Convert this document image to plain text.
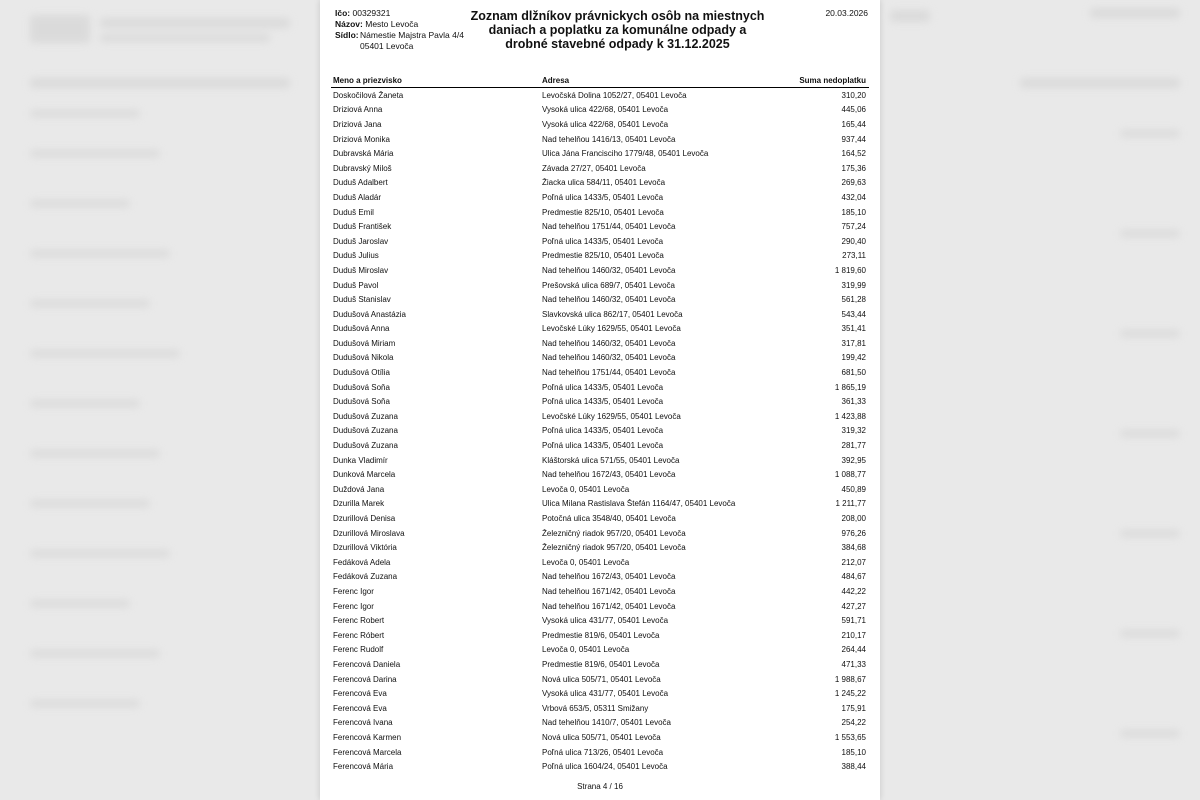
Ičo: 00329321
Názov: Mesto Levoča
Sídlo: Námestie Majstra Pavla 4/4
05401 Levoča
Zoznam dlžníkov právnickych osôb na miestnych daniach a poplatku za komunálne odpady a drobné stavebné odpady k 31.12.2025
20.03.2026
Meno a priezvisko	Adresa	Suma nedoplatku
Doskočilová Žaneta	Levočská Dolina 1052/27, 05401 Levoča	310,20
Driziová Anna	Vysoká ulica 422/68, 05401 Levoča	445,06
Driziová Jana	Vysoká ulica 422/68, 05401 Levoča	165,44
Driziová Monika	Nad tehelňou 1416/13, 05401 Levoča	937,44
Dubravská Mária	Ulica Jána Francisciho 1779/48, 05401 Levoča	164,52
Dubravský Miloš	Závada 27/27, 05401 Levoča	175,36
Duduš Adalbert	Žiacka ulica 584/11, 05401 Levoča	269,63
Duduš Aladár	Poľná ulica 1433/5, 05401 Levoča	432,04
Duduš Emil	Predmestie 825/10, 05401 Levoča	185,10
Duduš František	Nad tehelňou 1751/44, 05401 Levoča	757,24
Duduš Jaroslav	Poľná ulica 1433/5, 05401 Levoča	290,40
Duduš Julius	Predmestie 825/10, 05401 Levoča	273,11
Duduš Miroslav	Nad tehelňou 1460/32, 05401 Levoča	1 819,60
Duduš Pavol	Prešovská ulica 689/7, 05401 Levoča	319,99
Duduš Stanislav	Nad tehelňou 1460/32, 05401 Levoča	561,28
Dudušová Anastázia	Slavkovská ulica 862/17, 05401 Levoča	543,44
Dudušová Anna	Levočské Lúky 1629/55, 05401 Levoča	351,41
Dudušová Miriam	Nad tehelňou 1460/32, 05401 Levoča	317,81
Dudušová Nikola	Nad tehelňou 1460/32, 05401 Levoča	199,42
Dudušová Otília	Nad tehelňou 1751/44, 05401 Levoča	681,50
Dudušová Soňa	Poľná ulica 1433/5, 05401 Levoča	1 865,19
Dudušová Soňa	Poľná ulica 1433/5, 05401 Levoča	361,33
Dudušová Zuzana	Levočské Lúky 1629/55, 05401 Levoča	1 423,88
Dudušová Zuzana	Poľná ulica 1433/5, 05401 Levoča	319,32
Dudušová Zuzana	Poľná ulica 1433/5, 05401 Levoča	281,77
Dunka Vladimír	Kláštorská ulica 571/55, 05401 Levoča	392,95
Dunková Marcela	Nad tehelňou 1672/43, 05401 Levoča	1 088,77
Duždová Jana	Levoča 0, 05401 Levoča	450,89
Dzurilla Marek	Ulica Milana Rastislava Štefán 1164/47, 05401 Levoča	1 211,77
Dzurillová Denisa	Potočná ulica 3548/40, 05401 Levoča	208,00
Dzurillová Miroslava	Železničný riadok 957/20, 05401 Levoča	976,26
Dzurillová Viktória	Železničný riadok 957/20, 05401 Levoča	384,68
Fedáková Adela	Levoča 0, 05401 Levoča	212,07
Fedáková Zuzana	Nad tehelňou 1672/43, 05401 Levoča	484,67
Ferenc Igor	Nad tehelňou 1671/42, 05401 Levoča	442,22
Ferenc Igor	Nad tehelňou 1671/42, 05401 Levoča	427,27
Ferenc Robert	Vysoká ulica 431/77, 05401 Levoča	591,71
Ferenc Róbert	Predmestie 819/6, 05401 Levoča	210,17
Ferenc Rudolf	Levoča 0, 05401 Levoča	264,44
Ferencová Daniela	Predmestie 819/6, 05401 Levoča	471,33
Ferencová Darina	Nová ulica 505/71, 05401 Levoča	1 988,67
Ferencová Eva	Vysoká ulica 431/77, 05401 Levoča	1 245,22
Ferencová Eva	Vrbová 653/5, 05311 Smižany	175,91
Ferencová Ivana	Nad tehelňou 1410/7, 05401 Levoča	254,22
Ferencová Karmen	Nová ulica 505/71, 05401 Levoča	1 553,65
Ferencová Marcela	Poľná ulica 713/26, 05401 Levoča	185,10
Ferencová Mária	Poľná ulica 1604/24, 05401 Levoča	388,44
Strana 4 / 16
